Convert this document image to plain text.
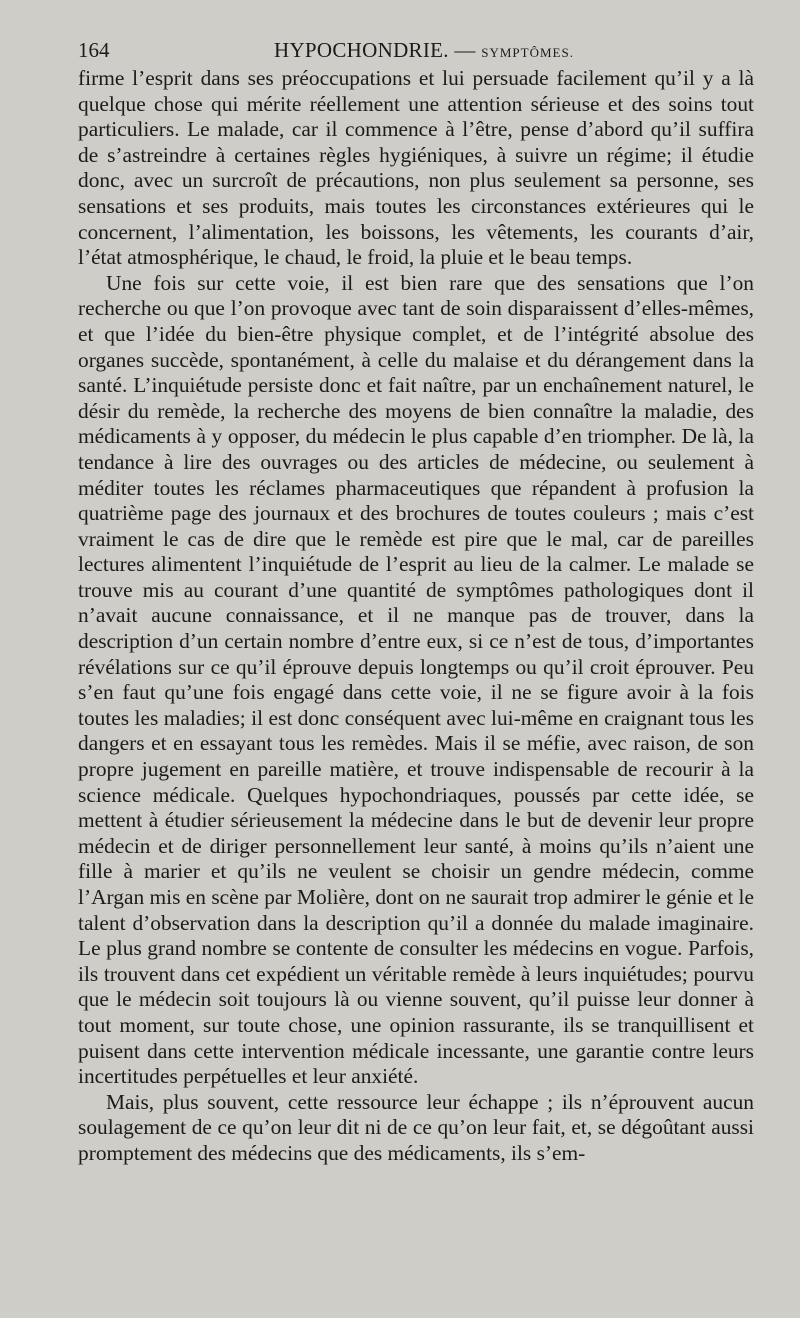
164	HYPOCHONDRIE. — SYMPTÔMES.

firme l’esprit dans ses préoccupations et lui persuade facilement qu’il y a là quelque chose qui mérite réellement une attention sérieuse et des soins tout particuliers. Le malade, car il commence à l’être, pense d’abord qu’il suffira de s’astreindre à certaines règles hygiéniques, à suivre un régime; il étudie donc, avec un surcroît de précautions, non plus seulement sa personne, ses sensations et ses produits, mais toutes les circonstances extérieures qui le concernent, l’alimentation, les boissons, les vêtements, les courants d’air, l’état atmosphérique, le chaud, le froid, la pluie et le beau temps.

Une fois sur cette voie, il est bien rare que des sensations que l’on recherche ou que l’on provoque avec tant de soin disparaissent d’elles-mêmes, et que l’idée du bien-être physique complet, et de l’intégrité absolue des organes succède, spontanément, à celle du malaise et du dérangement dans la santé. L’inquiétude persiste donc et fait naître, par un enchaînement naturel, le désir du remède, la recherche des moyens de bien connaître la maladie, des médicaments à y opposer, du médecin le plus capable d’en triompher. De là, la tendance à lire des ouvrages ou des articles de médecine, ou seulement à méditer toutes les réclames pharmaceutiques que répandent à profusion la quatrième page des journaux et des brochures de toutes couleurs ; mais c’est vraiment le cas de dire que le remède est pire que le mal, car de pareilles lectures alimentent l’inquiétude de l’esprit au lieu de la calmer. Le malade se trouve mis au courant d’une quantité de symptômes pathologiques dont il n’avait aucune connaissance, et il ne manque pas de trouver, dans la description d’un certain nombre d’entre eux, si ce n’est de tous, d’importantes révélations sur ce qu’il éprouve depuis longtemps ou qu’il croit éprouver. Peu s’en faut qu’une fois engagé dans cette voie, il ne se figure avoir à la fois toutes les maladies; il est donc conséquent avec lui-même en craignant tous les dangers et en essayant tous les remèdes. Mais il se méfie, avec raison, de son propre jugement en pareille matière, et trouve indispensable de recourir à la science médicale. Quelques hypochondriaques, poussés par cette idée, se mettent à étudier sérieusement la médecine dans le but de devenir leur propre médecin et de diriger personnellement leur santé, à moins qu’ils n’aient une fille à marier et qu’ils ne veulent se choisir un gendre médecin, comme l’Argan mis en scène par Molière, dont on ne saurait trop admirer le génie et le talent d’observation dans la description qu’il a donnée du malade imaginaire. Le plus grand nombre se contente de consulter les médecins en vogue. Parfois, ils trouvent dans cet expédient un véritable remède à leurs inquiétudes; pourvu que le médecin soit toujours là ou vienne souvent, qu’il puisse leur donner à tout moment, sur toute chose, une opinion rassurante, ils se tranquillisent et puisent dans cette intervention médicale incessante, une garantie contre leurs incertitudes perpétuelles et leur anxiété.

Mais, plus souvent, cette ressource leur échappe ; ils n’éprouvent aucun soulagement de ce qu’on leur dit ni de ce qu’on leur fait, et, se dégoûtant aussi promptement des médecins que des médicaments, ils s’em-
